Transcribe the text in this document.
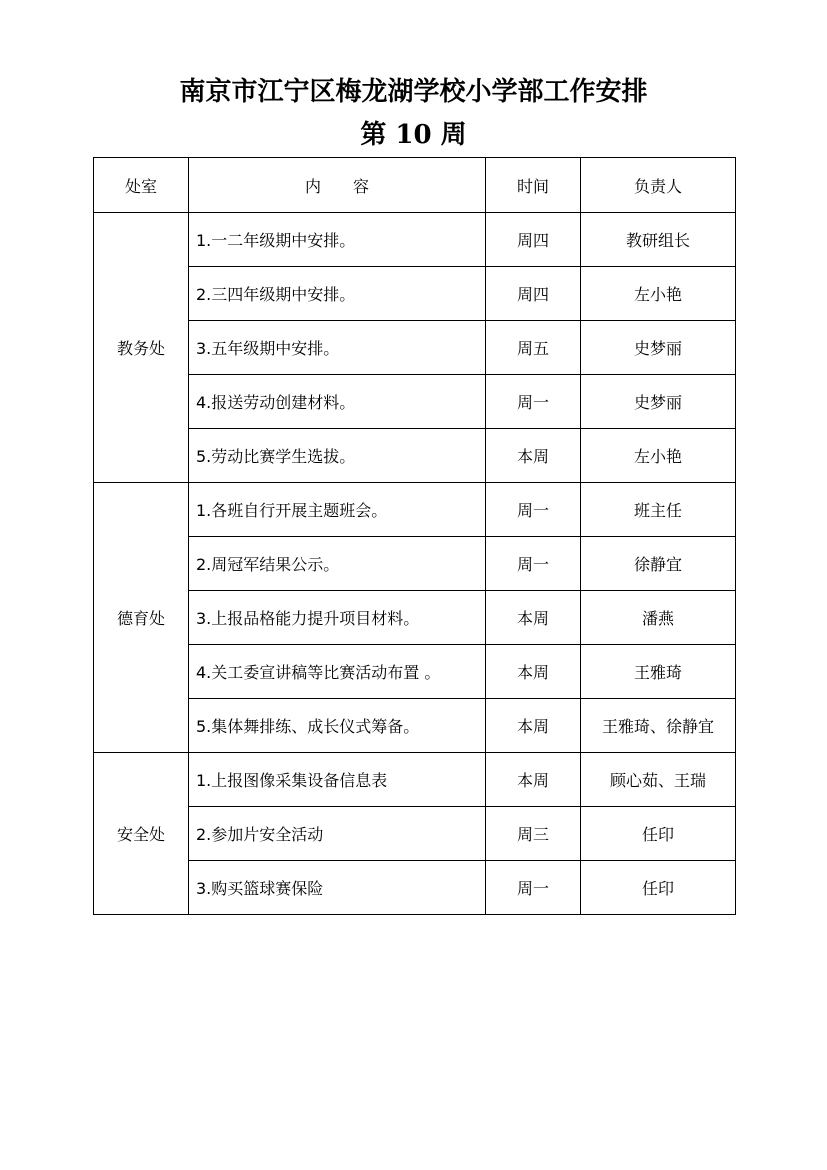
南京市江宁区梅龙湖学校小学部工作安排
第 10 周
处室	内　　容	时间	负责人
教务处	1.一二年级期中安排。	周四	教研组长
	2.三四年级期中安排。	周四	左小艳
	3.五年级期中安排。	周五	史梦丽
	4.报送劳动创建材料。	周一	史梦丽
	5.劳动比赛学生选拔。	本周	左小艳
德育处	1.各班自行开展主题班会。	周一	班主任
	2.周冠军结果公示。	周一	徐静宜
	3.上报品格能力提升项目材料。	本周	潘燕
	4.关工委宣讲稿等比赛活动布置 。	本周	王雅琦
	5.集体舞排练、成长仪式筹备。	本周	王雅琦、徐静宜
安全处	1.上报图像采集设备信息表	本周	顾心茹、王瑞
	2.参加片安全活动	周三	任印
	3.购买篮球赛保险	周一	任印
